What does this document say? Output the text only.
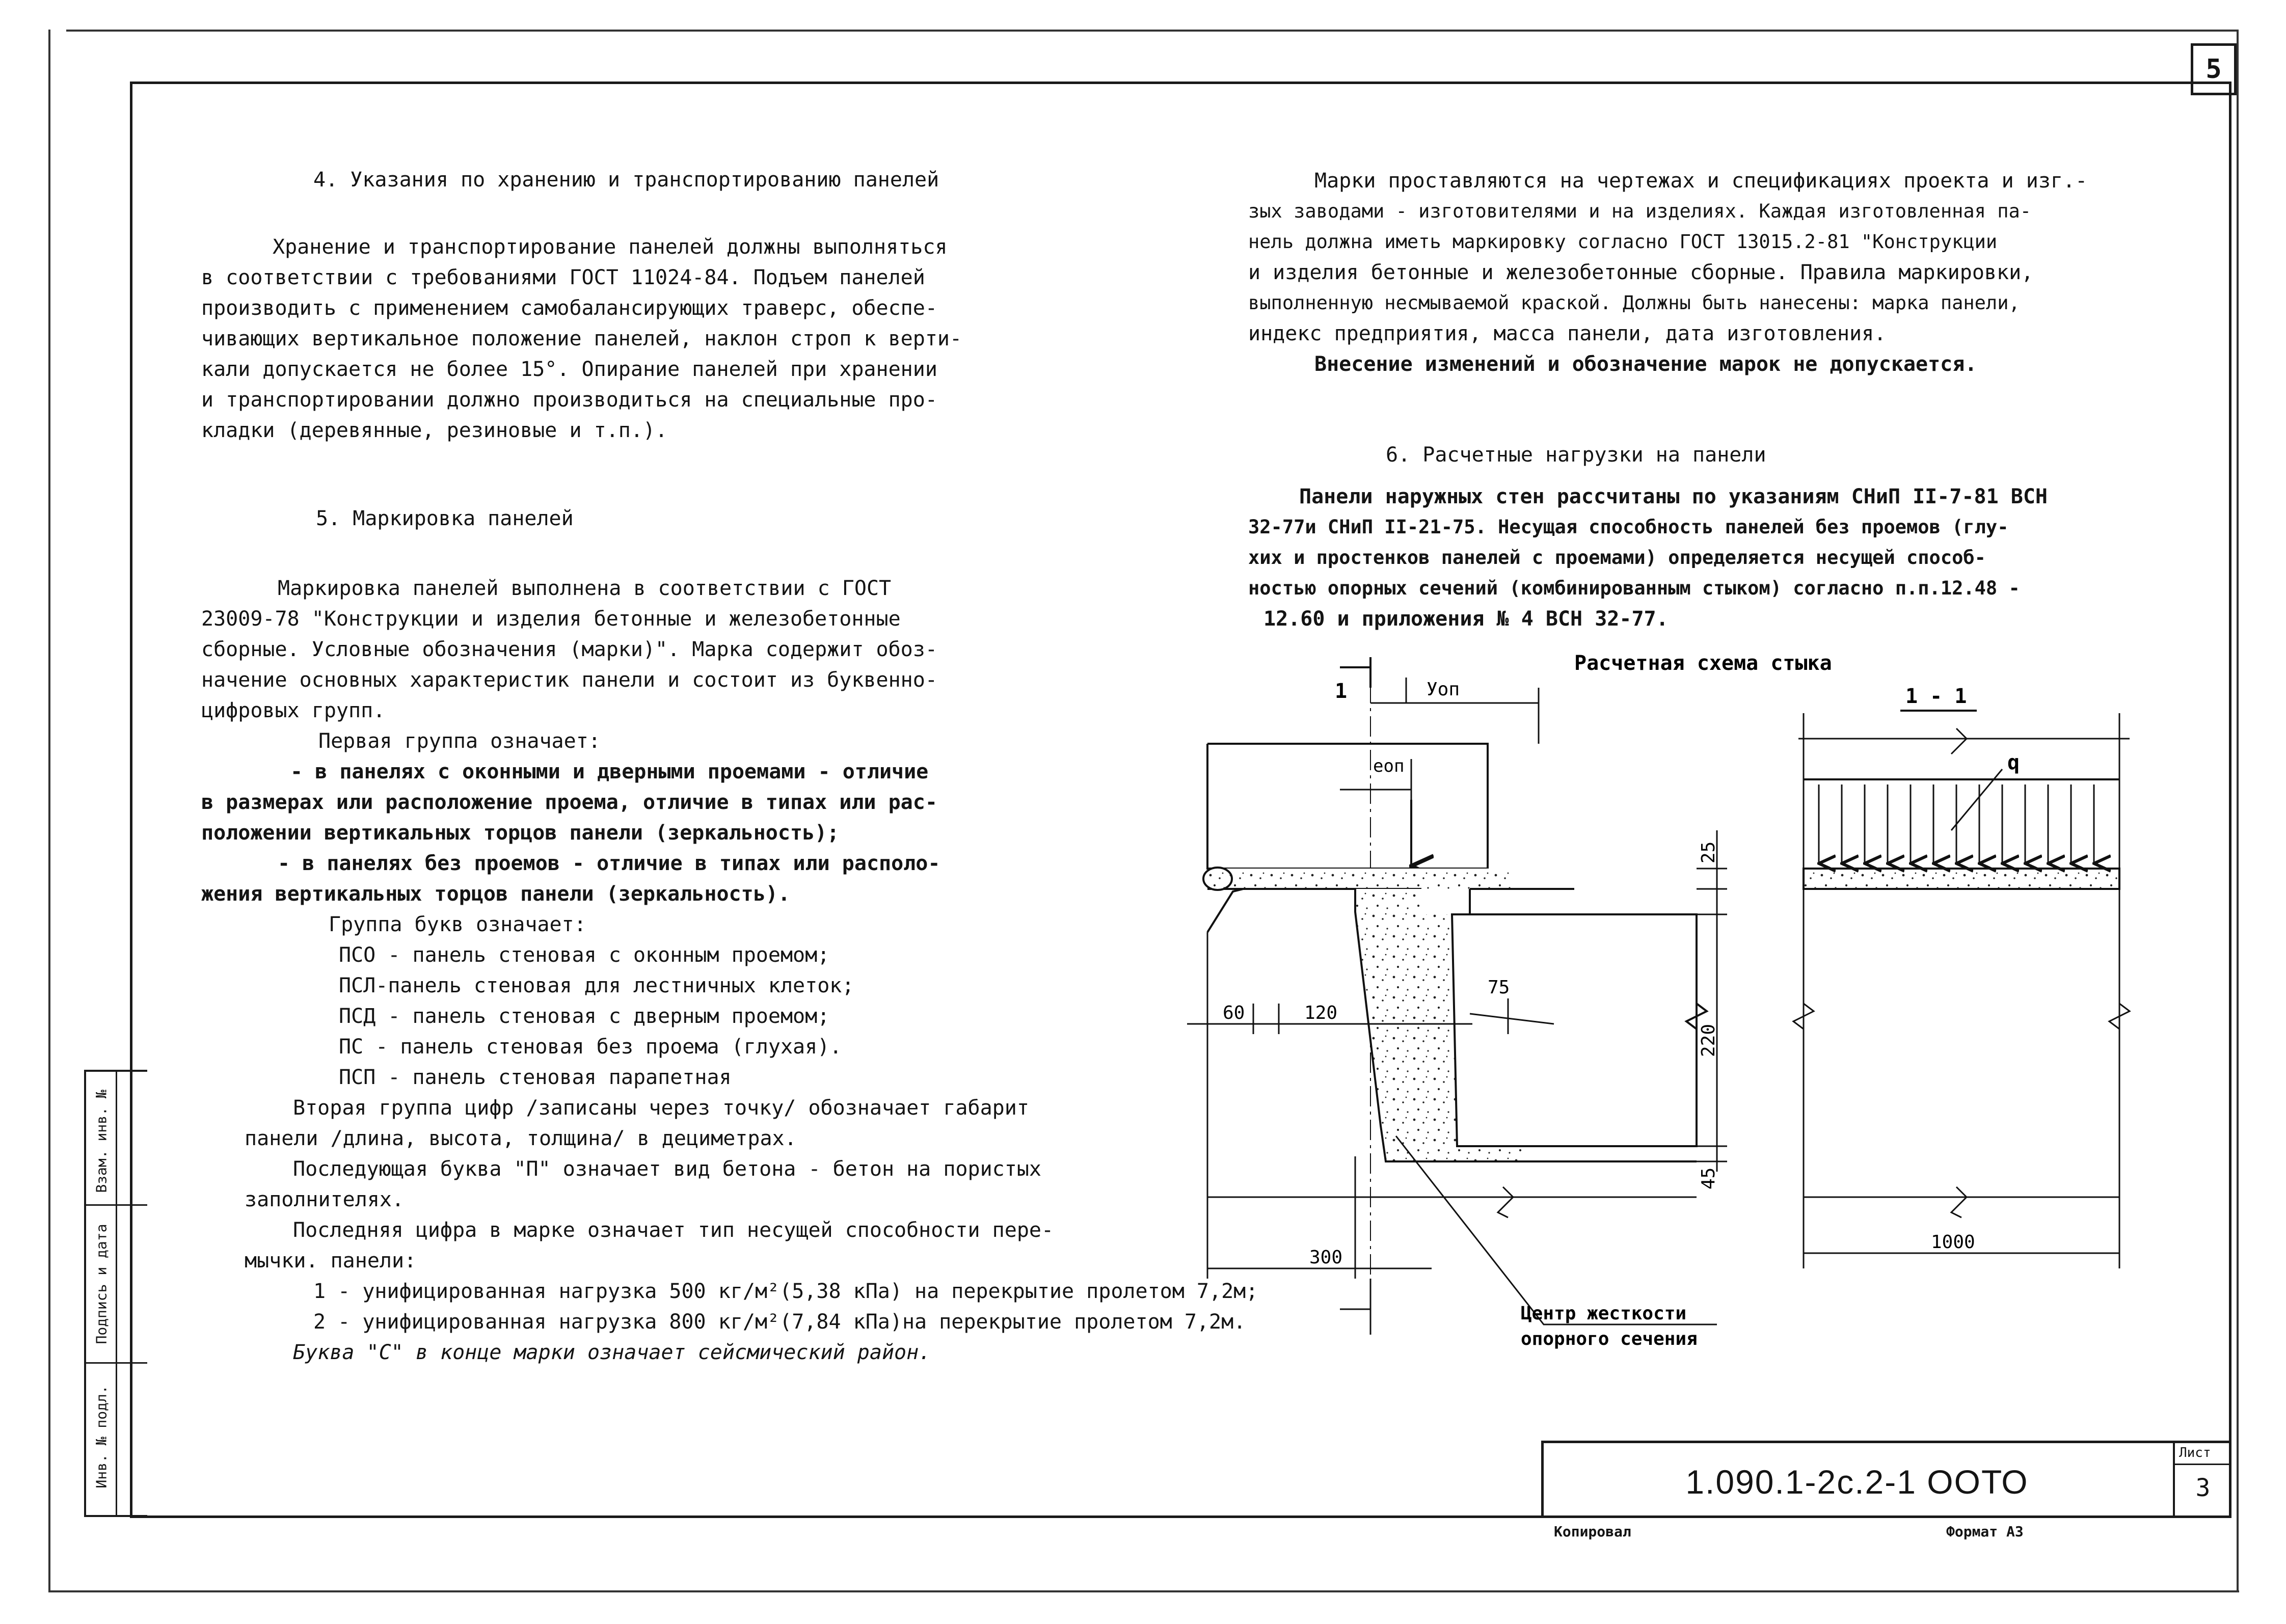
5
Инв. № подл.
Подпись и дата
Взам. инв. №
1.090.1-2с.2-1 ООТО
Лист
3
Копировал	Формат А3
4. Указания по хранению и транспортированию панелей
Хранение и транспортирование панелей должны выполняться
в соответствии с требованиями ГОСТ 11024-84. Подъем панелей
производить с применением самобалансирующих траверс, обеспе-
чивающих вертикальное положение панелей, наклон строп к верти-
кали допускается не более 15°. Опирание панелей при хранении
и транспортировании должно производиться на специальные про-
кладки (деревянные, резиновые и т.п.).
5. Маркировка панелей
Маркировка панелей выполнена в соответствии с ГОСТ
23009-78 "Конструкции и изделия бетонные и железобетонные
сборные. Условные обозначения (марки)". Марка содержит обоз-
начение основных характеристик панели и состоит из буквенно-
цифровых групп.
Первая группа означает:
- в панелях с оконными и дверными проемами - отличие
в размерах или расположение проема, отличие в типах или рас-
положении вертикальных торцов панели (зеркальность);
- в панелях без проемов - отличие в типах или располо-
жения вертикальных торцов панели (зеркальность).
Группа букв означает:
ПСО - панель стеновая с оконным проемом;
ПСЛ-панель стеновая для лестничных клеток;
ПСД - панель стеновая с дверным проемом;
ПС - панель стеновая без проема (глухая).
ПСП - панель стеновая парапетная
Вторая группа цифр /записаны через точку/ обозначает габарит
панели /длина, высота, толщина/ в дециметрах.
Последующая буква "П" означает вид бетона - бетон на пористых
заполнителях.
Последняя цифра в марке означает тип несущей способности пере-
мычки. панели:
1 - унифицированная нагрузка 500 кг/м²(5,38 кПа) на перекрытие пролетом 7,2м;
2 - унифицированная нагрузка 800 кг/м²(7,84 кПа)на перекрытие пролетом 7,2м.
Буква "С" в конце марки означает сейсмический район.
Марки проставляются на чертежах и спецификациях проекта и изг.-
зых заводами - изготовителями и на изделиях. Каждая изготовленная па-
нель должна иметь маркировку согласно ГОСТ 13015.2-81 "Конструкции
и изделия бетонные и железобетонные сборные. Правила маркировки,
выполненную несмываемой краской. Должны быть нанесены: марка панели,
индекс предприятия, масса панели, дата изготовления.
Внесение изменений и обозначение марок не допускается.
6. Расчетные нагрузки на панели
Панели наружных стен рассчитаны по указаниям СНиП II-7-81 ВСН
32-77и СНиП II-21-75. Несущая способность панелей без проемов (глу-
хих и простенков панелей с проемами) определяется несущей способ-
ностью опорных сечений (комбинированным стыком) согласно п.п.12.48 -
12.60 и приложения № 4 ВСН 32-77.
Расчетная схема стыка
1	Уоп
еоп
60	120
75
25
220
45
300
Центр жесткости
опорного сечения
1 - 1
q
1000
